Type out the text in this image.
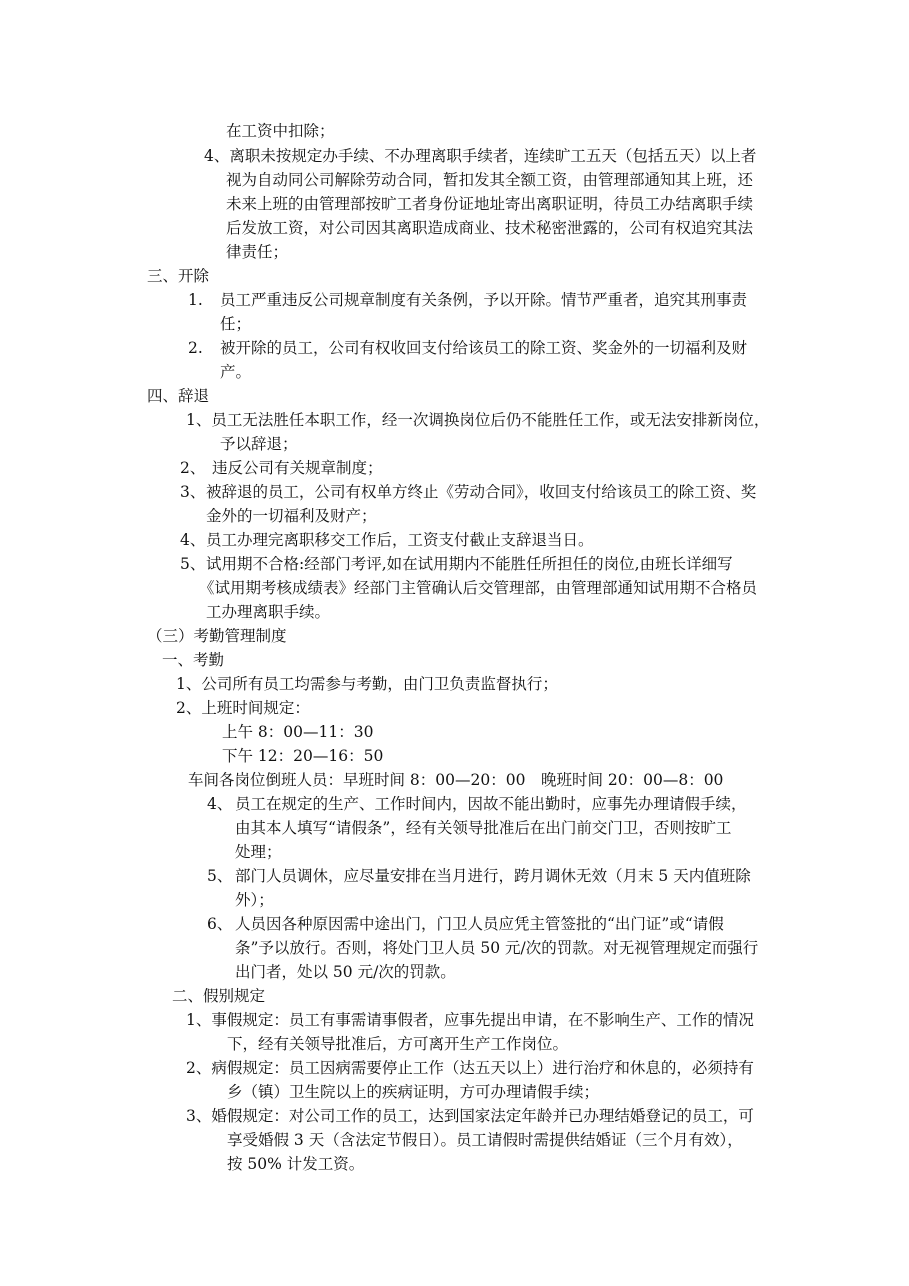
在工资中扣除；
4、离职未按规定办手续、不办理离职手续者，连续旷工五天（包括五天）以上者
视为自动同公司解除劳动合同，暂扣发其全额工资，由管理部通知其上班，还
未来上班的由管理部按旷工者身份证地址寄出离职证明，待员工办结离职手续
后发放工资，对公司因其离职造成商业、技术秘密泄露的，公司有权追究其法
律责任；
三、开除
1. 员工严重违反公司规章制度有关条例，予以开除。情节严重者，追究其刑事责
任；
2. 被开除的员工，公司有权收回支付给该员工的除工资、奖金外的一切福利及财
产。
四、辞退
1、员工无法胜任本职工作，经一次调换岗位后仍不能胜任工作，或无法安排新岗位，
予以辞退；
2、 违反公司有关规章制度；
3、 被辞退的员工，公司有权单方终止《劳动合同》，收回支付给该员工的除工资、奖
金外的一切福利及财产；
4、 员工办理完离职移交工作后，工资支付截止支辞退当日。
5、 试用期不合格:经部门考评,如在试用期内不能胜任所担任的岗位,由班长详细写
《试用期考核成绩表》经部门主管确认后交管理部，由管理部通知试用期不合格员
工办理离职手续。
（三）考勤管理制度
一、考勤
1、公司所有员工均需参与考勤，由门卫负责监督执行；
2、上班时间规定：
上午 8：00—11：30
下午 12：20—16：50
车间各岗位倒班人员：早班时间 8：00—20：00　晚班时间 20：00—8：00
4、 员工在规定的生产、工作时间内，因故不能出勤时，应事先办理请假手续，
由其本人填写“请假条”，经有关领导批准后在出门前交门卫，否则按旷工
处理；
5、 部门人员调休，应尽量安排在当月进行，跨月调休无效（月末 5 天内值班除
外）；
6、 人员因各种原因需中途出门，门卫人员应凭主管签批的“出门证”或“请假
条”予以放行。否则，将处门卫人员 50 元/次的罚款。对无视管理规定而强行
出门者，处以 50 元/次的罚款。
二、假别规定
1、事假规定：员工有事需请事假者，应事先提出申请，在不影响生产、工作的情况
下，经有关领导批准后，方可离开生产工作岗位。
2、病假规定：员工因病需要停止工作（达五天以上）进行治疗和休息的，必须持有
乡（镇）卫生院以上的疾病证明，方可办理请假手续；
3、婚假规定：对公司工作的员工，达到国家法定年龄并已办理结婚登记的员工，可
享受婚假 3 天（含法定节假日）。员工请假时需提供结婚证（三个月有效），
按 50% 计发工资。
